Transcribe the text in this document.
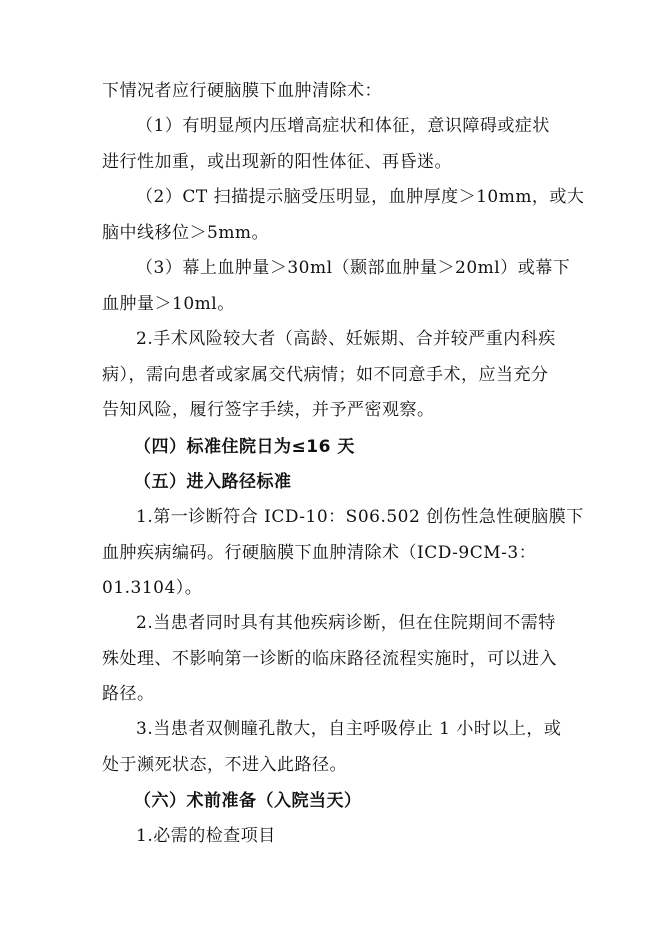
下情况者应行硬脑膜下血肿清除术：
（1）有明显颅内压增高症状和体征，意识障碍或症状
进行性加重，或出现新的阳性体征、再昏迷。
（2）CT 扫描提示脑受压明显，血肿厚度＞10mm，或大
脑中线移位＞5mm。
（3）幕上血肿量＞30ml（颞部血肿量＞20ml）或幕下
血肿量＞10ml。
2.手术风险较大者（高龄、妊娠期、合并较严重内科疾
病），需向患者或家属交代病情；如不同意手术，应当充分
告知风险，履行签字手续，并予严密观察。
（四）标准住院日为≤16 天
（五）进入路径标准
1.第一诊断符合 ICD-10：S06.502 创伤性急性硬脑膜下
血肿疾病编码。行硬脑膜下血肿清除术（ICD-9CM-3：
01.3104）。
2.当患者同时具有其他疾病诊断，但在住院期间不需特
殊处理、不影响第一诊断的临床路径流程实施时，可以进入
路径。
3.当患者双侧瞳孔散大，自主呼吸停止 1 小时以上，或
处于濒死状态，不进入此路径。
（六）术前准备（入院当天）
1.必需的检查项目
